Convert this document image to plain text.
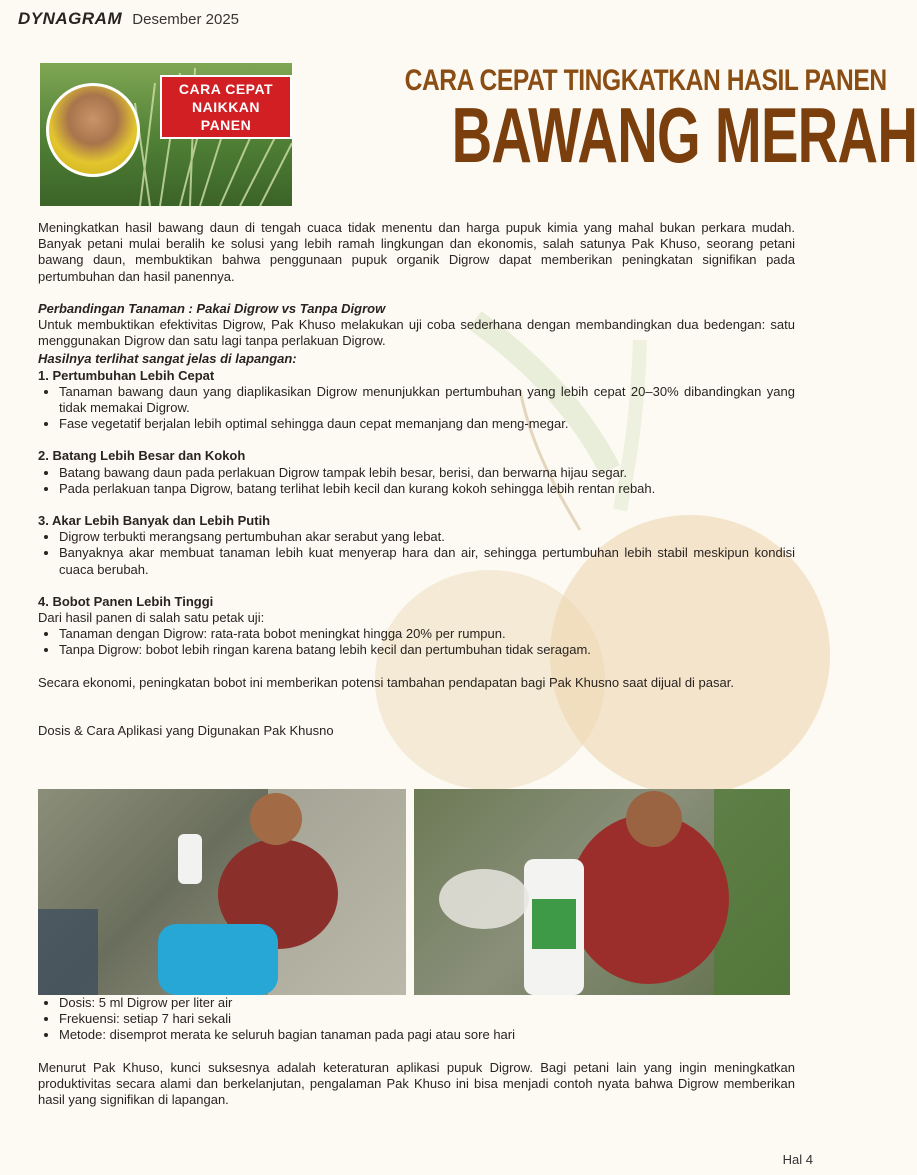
DYNAGRAM Desember 2025
CARA CEPAT
NAIKKAN
PANEN
CARA CEPAT TINGKATKAN HASIL PANEN
BAWANG MERAH

Meningkatkan hasil bawang daun di tengah cuaca tidak menentu dan harga pupuk kimia yang mahal bukan perkara mudah. Banyak petani mulai beralih ke solusi yang lebih ramah lingkungan dan ekonomis, salah satunya Pak Khuso, seorang petani bawang daun, membuktikan bahwa penggunaan pupuk organik Digrow dapat memberikan peningkatan signifikan pada pertumbuhan dan hasil panennya.

Perbandingan Tanaman : Pakai Digrow vs Tanpa Digrow

Untuk membuktikan efektivitas Digrow, Pak Khuso melakukan uji coba sederhana dengan membandingkan dua bedengan: satu menggunakan Digrow dan satu lagi tanpa perlakuan Digrow.

Hasilnya terlihat sangat jelas di lapangan:

1. Pertumbuhan Lebih Cepat
• Tanaman bawang daun yang diaplikasikan Digrow menunjukkan pertumbuhan yang lebih cepat 20–30% dibandingkan yang tidak memakai Digrow.
• Fase vegetatif berjalan lebih optimal sehingga daun cepat memanjang dan meng-megar.
2. Batang Lebih Besar dan Kokoh
• Batang bawang daun pada perlakuan Digrow tampak lebih besar, berisi, dan berwarna hijau segar.
• Pada perlakuan tanpa Digrow, batang terlihat lebih kecil dan kurang kokoh sehingga lebih rentan rebah.
3. Akar Lebih Banyak dan Lebih Putih
• Digrow terbukti merangsang pertumbuhan akar serabut yang lebat.
• Banyaknya akar membuat tanaman lebih kuat menyerap hara dan air, sehingga pertumbuhan lebih stabil meskipun kondisi cuaca berubah.
4. Bobot Panen Lebih Tinggi

Dari hasil panen di salah satu petak uji:

• Tanaman dengan Digrow: rata-rata bobot meningkat hingga 20% per rumpun.
• Tanpa Digrow: bobot lebih ringan karena batang lebih kecil dan pertumbuhan tidak seragam.

Secara ekonomi, peningkatan bobot ini memberikan potensi tambahan pendapatan bagi Pak Khusno saat dijual di pasar.

Dosis & Cara Aplikasi yang Digunakan Pak Khusno

• Dosis: 5 ml Digrow per liter air
• Frekuensi: setiap 7 hari sekali
• Metode: disemprot merata ke seluruh bagian tanaman pada pagi atau sore hari

Menurut Pak Khuso, kunci suksesnya adalah keteraturan aplikasi pupuk Digrow. Bagi petani lain yang ingin meningkatkan produktivitas secara alami dan berkelanjutan, pengalaman Pak Khuso ini bisa menjadi contoh nyata bahwa Digrow memberikan hasil yang signifikan di lapangan.

Hal 4
